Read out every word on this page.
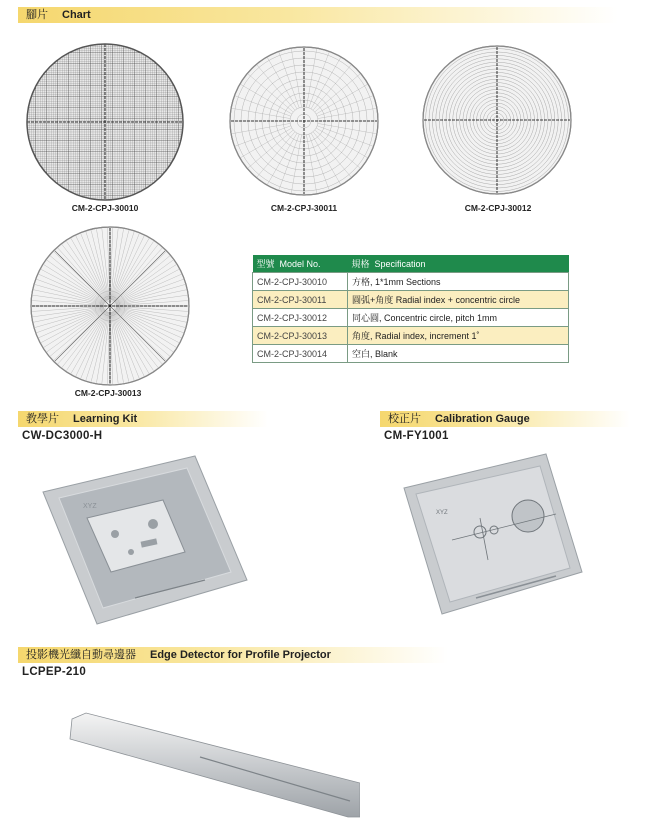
腳片 Chart
CM-2-CPJ-30010	CM-2-CPJ-30011	CM-2-CPJ-30012
CM-2-CPJ-30013
型號 Model No.	規格 Specification
CM-2-CPJ-30010	方格, 1*1mm Sections
CM-2-CPJ-30011	圓弧+角度 Radial index + concentric circle
CM-2-CPJ-30012	同心圓, Concentric circle, pitch 1mm
CM-2-CPJ-30013	角度, Radial index, increment 1˚
CM-2-CPJ-30014	空白, Blank
教學片 Learning Kit
CW-DC3000-H
XYZ
校正片 Calibration Gauge
CM-FY1001
XYZ
投影機光纖自動尋邊器 Edge Detector for Profile Projector
LCPEP-210
